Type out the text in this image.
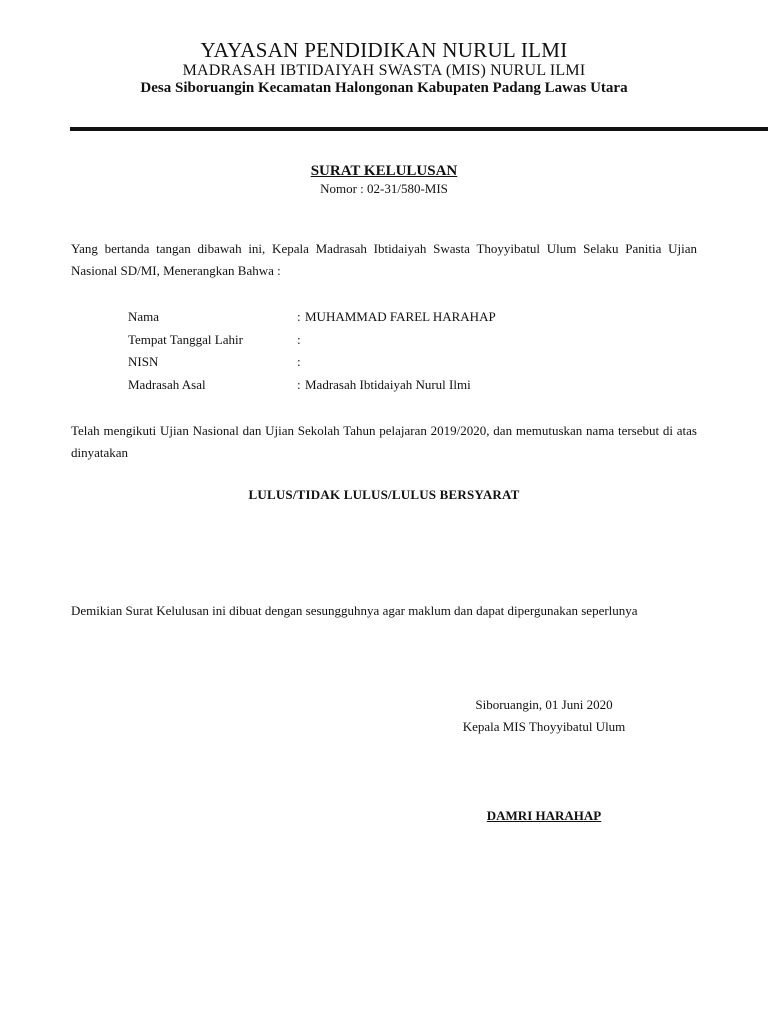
YAYASAN PENDIDIKAN NURUL ILMI
MADRASAH IBTIDAIYAH SWASTA (MIS) NURUL ILMI
Desa Siboruangin Kecamatan Halongonan Kabupaten Padang Lawas Utara
SURAT KELULUSAN
Nomor : 02-31/580-MIS
Yang bertanda tangan dibawah ini, Kepala Madrasah Ibtidaiyah Swasta Thoyyibatul Ulum Selaku Panitia Ujian Nasional SD/MI, Menerangkan Bahwa :
Nama	: MUHAMMAD FAREL HARAHAP
Tempat Tanggal Lahir	:
NISN	:
Madrasah Asal	: Madrasah Ibtidaiyah Nurul Ilmi
Telah mengikuti Ujian Nasional dan Ujian Sekolah Tahun pelajaran 2019/2020, dan memutuskan nama tersebut di atas dinyatakan
LULUS/TIDAK LULUS/LULUS BERSYARAT
Demikian Surat Kelulusan ini dibuat dengan sesungguhnya agar maklum dan dapat dipergunakan seperlunya
Siboruangin, 01 Juni 2020
Kepala MIS Thoyyibatul Ulum
DAMRI HARAHAP
